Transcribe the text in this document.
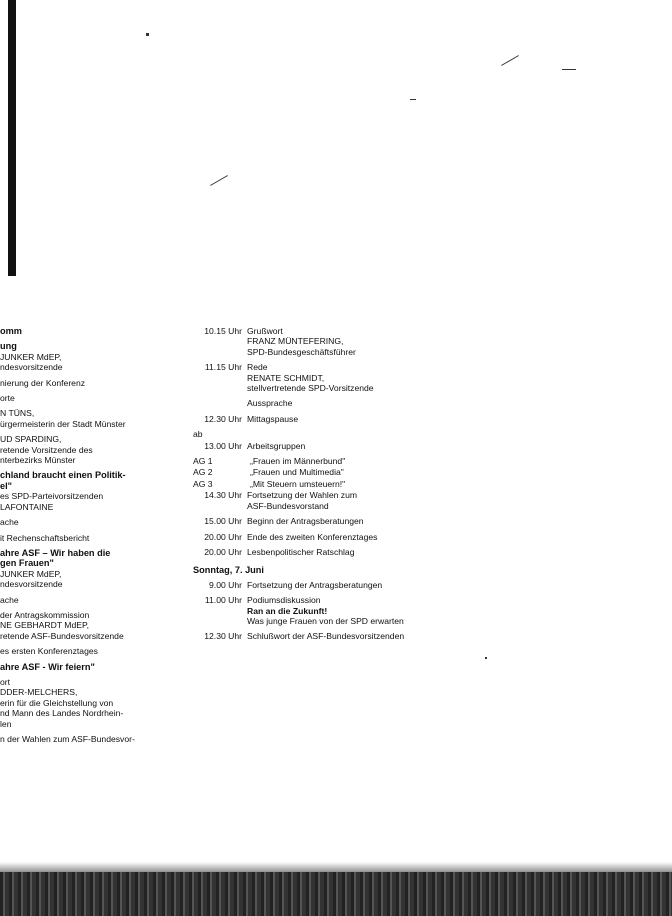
omm
ung
JUNKER MdEP,
ndesvorsitzende
nierung der Konferenz
orte
N TÜNS,
ürgermeisterin der Stadt Münster
UD SPARDING,
retende Vorsitzende des
nterbezirks Münster
chland braucht einen Politik-
el"
es SPD-Parteivorsitzenden
LAFONTAINE
ache
it Rechenschaftsbericht
ahre ASF – Wir haben die
gen Frauen"
JUNKER MdEP,
ndesvorsitzende
ache
der Antragskommission
NE GEBHARDT MdEP,
retende ASF-Bundesvorsitzende
es ersten Konferenztages
ahre ASF - Wir feiern"
ort
DDER-MELCHERS,
erin für die Gleichstellung von
nd Mann des Landes Nordrhein-
len
n der Wahlen zum ASF-Bundesvor-
10.15 Uhr Grußwort
FRANZ MÜNTEFERING,
SPD-Bundesgeschäftsführer
11.15 Uhr Rede
RENATE SCHMIDT,
stellvertretende SPD-Vorsitzende
Aussprache
12.30 Uhr Mittagspause
ab

13.00 Uhr Arbeitsgruppen
AG 1	„Frauen im Männerbund"
AG 2	„Frauen und Multimedia"
AG 3	„Mit Steuern umsteuern!"
14.30 Uhr Fortsetzung der Wahlen zum
ASF-Bundesvorstand
15.00 Uhr Beginn der Antragsberatungen
20.00 Uhr Ende des zweiten Konferenztages
20.00 Uhr Lesbenpolitischer Ratschlag
Sonntag, 7. Juni
9.00 Uhr Fortsetzung der Antragsberatungen
11.00 Uhr Podiumsdiskussion
Ran an die Zukunft!
Was junge Frauen von der SPD erwarten
12.30 Uhr Schlußwort der ASF-Bundesvorsitzenden
